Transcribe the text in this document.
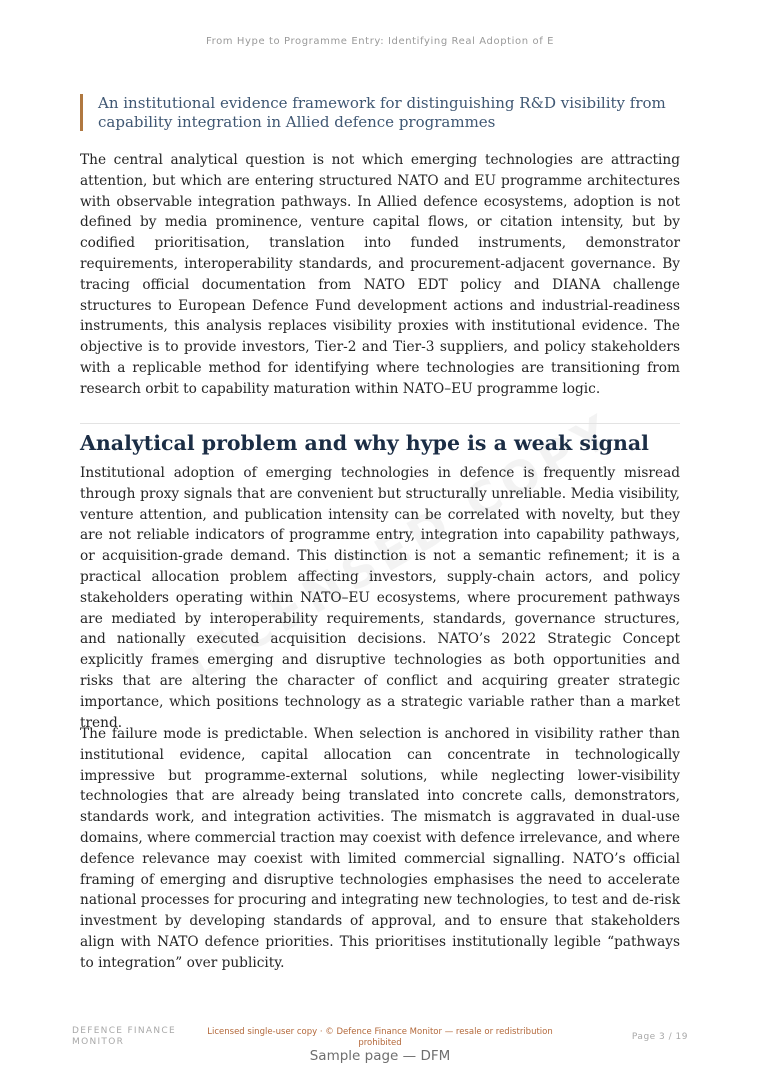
From Hype to Programme Entry: Identifying Real Adoption of E
An institutional evidence framework for distinguishing R&D visibility from capability integration in Allied defence programmes

The central analytical question is not which emerging technologies are attracting attention, but which are entering structured NATO and EU programme architectures with observable integration pathways. In Allied defence ecosystems, adoption is not defined by media prominence, venture capital flows, or citation intensity, but by codified prioritisation, translation into funded instruments, demonstrator requirements, interoperability standards, and procurement-adjacent governance. By tracing official documentation from NATO EDT policy and DIANA challenge structures to European Defence Fund development actions and industrial-readiness instruments, this analysis replaces visibility proxies with institutional evidence. The objective is to provide investors, Tier-2 and Tier-3 suppliers, and policy stakeholders with a replicable method for identifying where technologies are transitioning from research orbit to capability maturation within NATO–EU programme logic.

Analytical problem and why hype is a weak signal

Institutional adoption of emerging technologies in defence is frequently misread through proxy signals that are convenient but structurally unreliable. Media visibility, venture attention, and publication intensity can be correlated with novelty, but they are not reliable indicators of programme entry, integration into capability pathways, or acquisition-grade demand. This distinction is not a semantic refinement; it is a practical allocation problem affecting investors, supply-chain actors, and policy stakeholders operating within NATO–EU ecosystems, where procurement pathways are mediated by interoperability requirements, standards, governance structures, and nationally executed acquisition decisions. NATO’s 2022 Strategic Concept explicitly frames emerging and disruptive technologies as both opportunities and risks that are altering the character of conflict and acquiring greater strategic importance, which positions technology as a strategic variable rather than a market trend.

The failure mode is predictable. When selection is anchored in visibility rather than institutional evidence, capital allocation can concentrate in technologically impressive but programme-external solutions, while neglecting lower-visibility technologies that are already being translated into concrete calls, demonstrators, standards work, and integration activities. The mismatch is aggravated in dual-use domains, where commercial traction may coexist with defence irrelevance, and where defence relevance may coexist with limited commercial signalling. NATO’s official framing of emerging and disruptive technologies emphasises the need to accelerate national processes for procuring and integrating new technologies, to test and de-risk investment by developing standards of approval, and to ensure that stakeholders align with NATO defence priorities. This prioritises institutionally legible “pathways to integration” over publicity.

DEFENCE FINANCE
MONITOR
Licensed single-user copy · © Defence Finance Monitor — resale or redistribution prohibited
Page 3 / 19
Sample page — DFM
